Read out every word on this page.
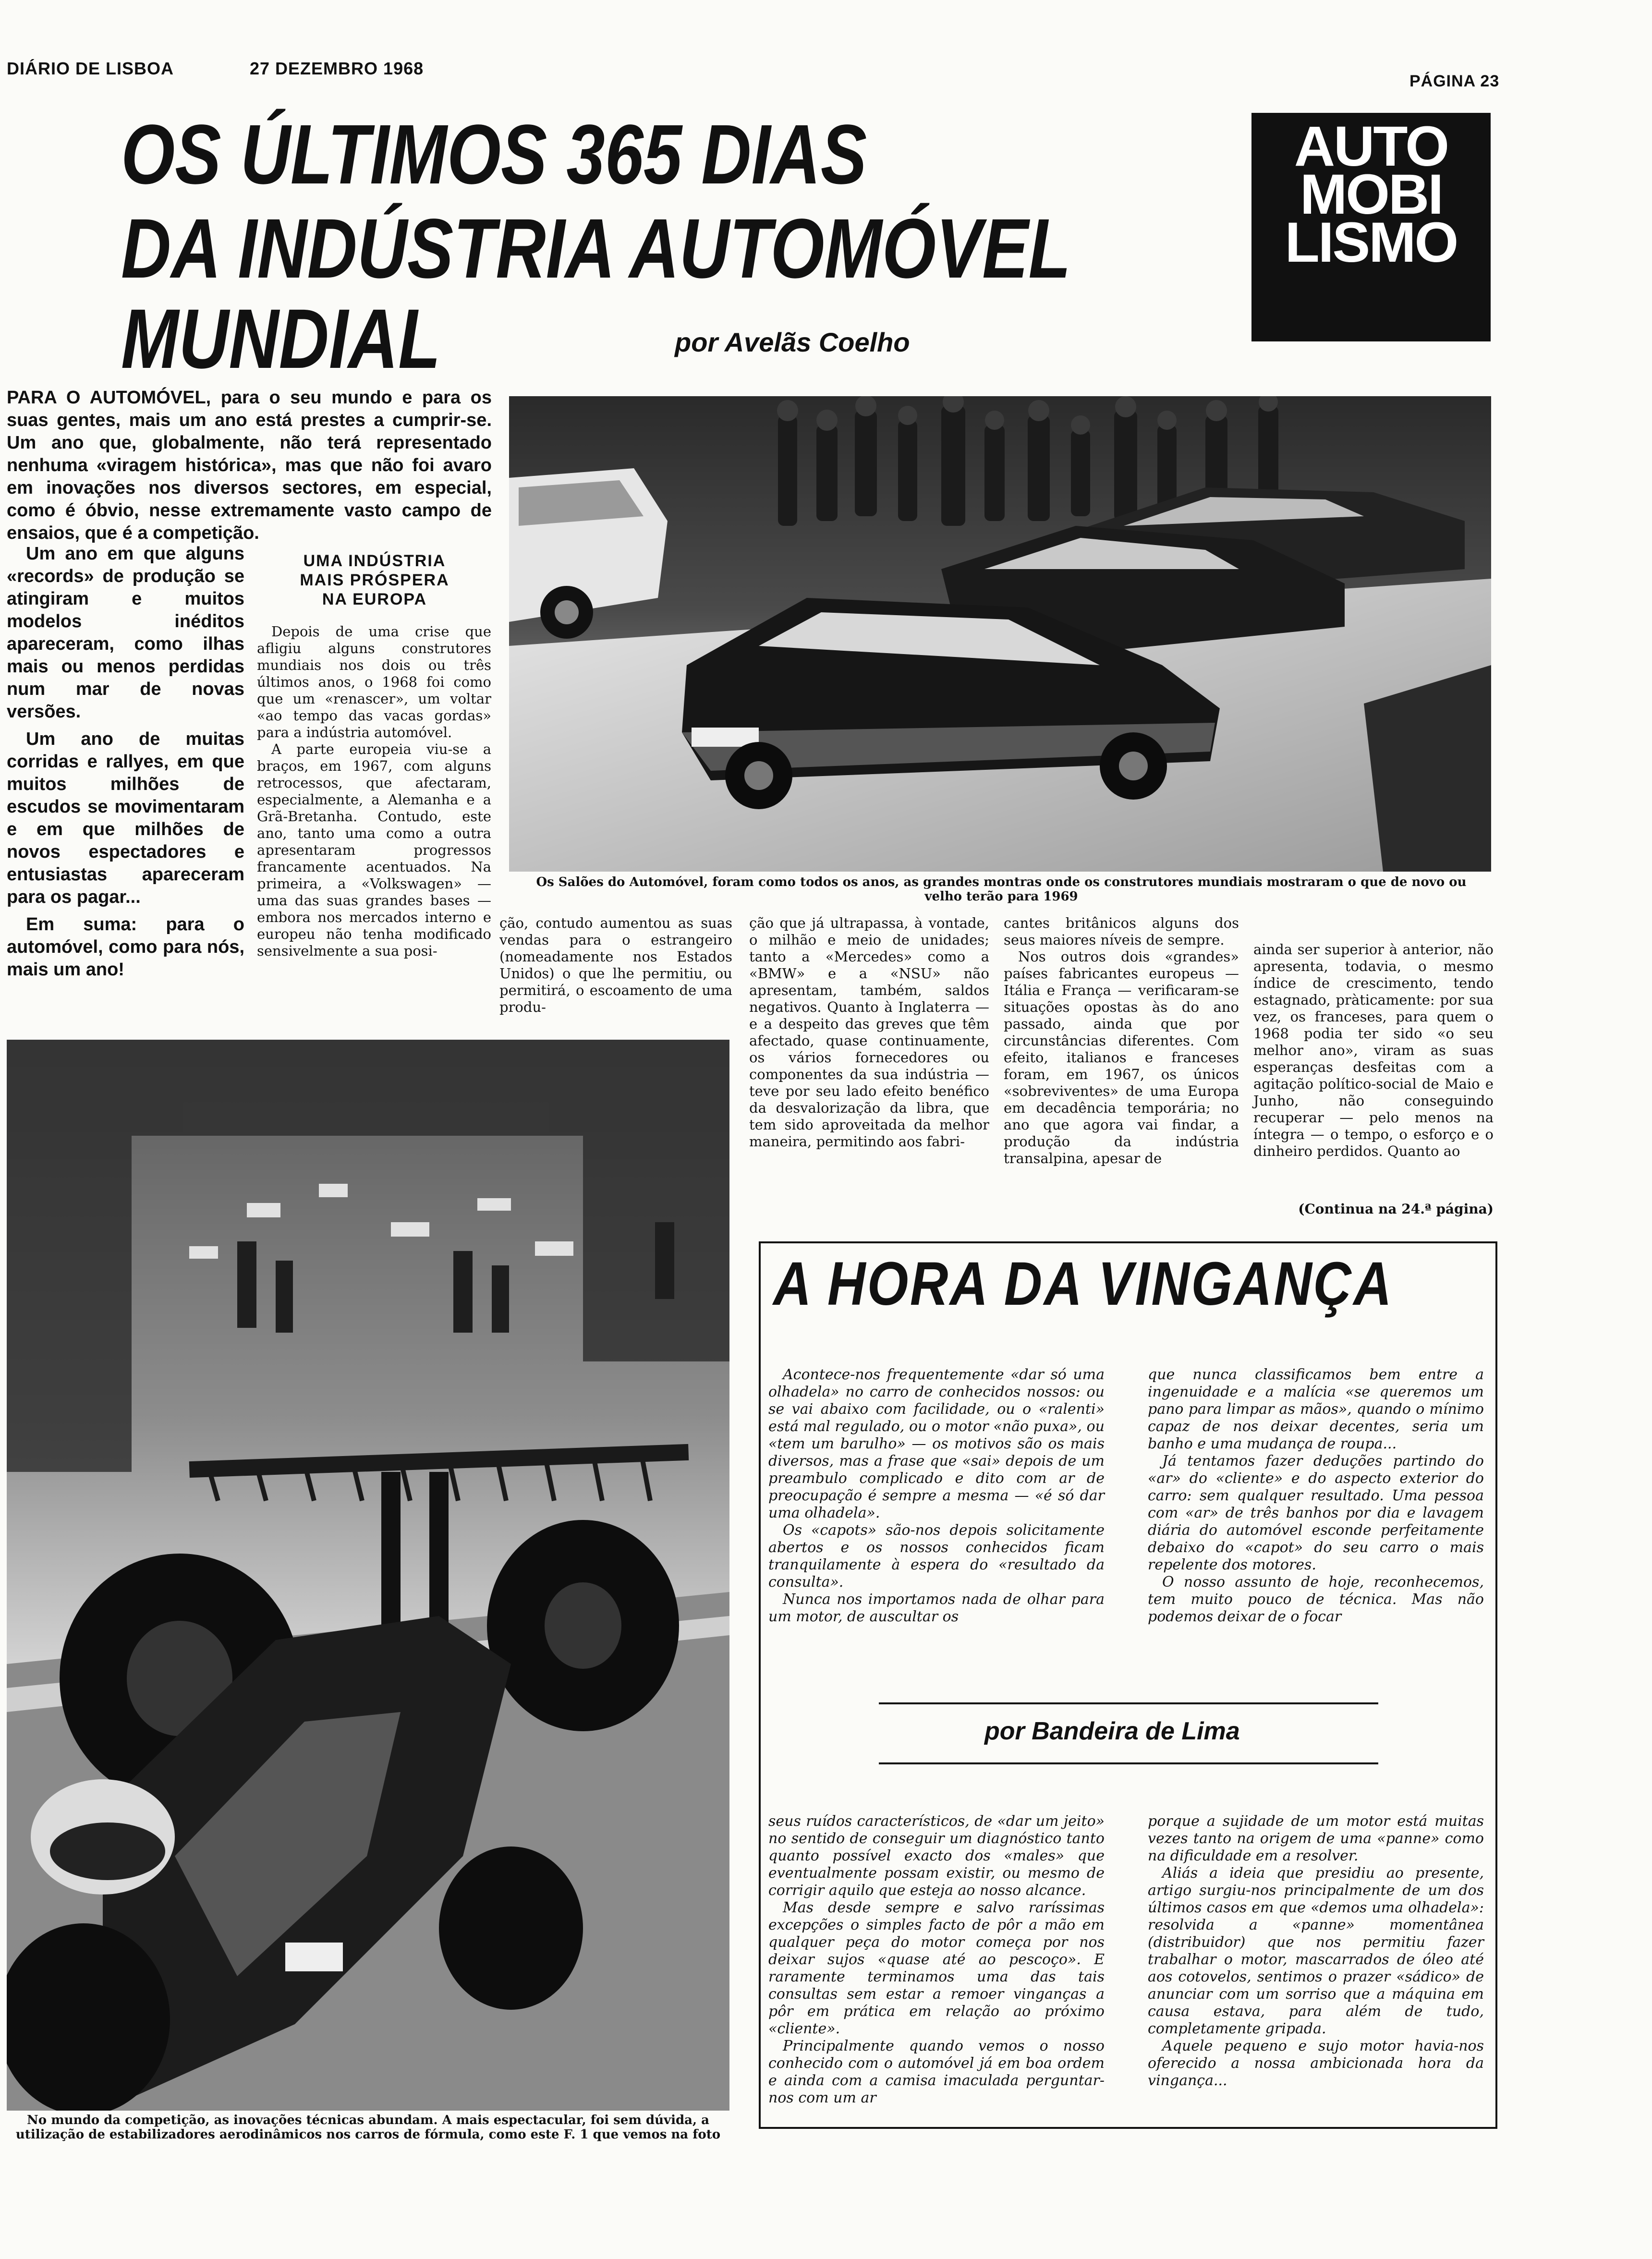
DIÁRIO DE LISBOA	27 DEZEMBRO 1968
PÁGINA 23
OS ÚLTIMOS 365 DIAS
DA INDÚSTRIA AUTOMÓVEL
MUNDIAL	por Avelãs Coelho
AUTO
MOBI
LISMO

PARA O AUTOMÓVEL, para o seu mundo e para os suas gentes, mais um ano está prestes a cumprir-se. Um ano que, globalmente, não terá representado nenhuma «viragem histórica», mas que não foi avaro em inovações nos diversos sectores, em especial, como é óbvio, nesse extremamente vasto campo de ensaios, que é a competição.

Um ano em que alguns «records» de produção se atingiram e muitos modelos inéditos apareceram, como ilhas mais ou menos perdidas num mar de novas versões.

Um ano de muitas corridas e rallyes, em que muitos milhões de escudos se movimentaram e em que milhões de novos espectadores e entusiastas apareceram para os pagar...

Em suma: para o automóvel, como para nós, mais um ano!

UMA INDÚSTRIA
MAIS PRÓSPERA
NA EUROPA

Depois de uma crise que afligiu alguns construtores mundiais nos dois ou três últimos anos, o 1968 foi como que um «renascer», um voltar «ao tempo das vacas gordas» para a indústria automóvel.

A parte europeia viu-se a braços, em 1967, com alguns retrocessos, que afectaram, especialmente, a Alemanha e a Grã-Bretanha. Contudo, este ano, tanto uma como a outra apresentaram progressos francamente acentuados. Na primeira, a «Volkswagen» — uma das suas grandes bases — embora nos mercados interno e europeu não tenha modificado sensivelmente a sua posi-

Os Salões do Automóvel, foram como todos os anos, as grandes montras onde os construtores mundiais mostraram o que de novo ou velho terão para 1969

ção, contudo aumentou as suas vendas para o estrangeiro (nomeadamente nos Estados Unidos) o que lhe permitiu, ou permitirá, o escoamento de uma produ-

ção que já ultrapassa, à vontade, o milhão e meio de unidades; tanto a «Mercedes» como a «BMW» e a «NSU» não apresentam, também, saldos negativos. Quanto à Inglaterra — e a despeito das greves que têm afectado, quase continuamente, os vários fornecedores ou componentes da sua indústria — teve por seu lado efeito benéfico da desvalorização da libra, que tem sido aproveitada da melhor maneira, permitindo aos fabri-

cantes britânicos alguns dos seus maiores níveis de sempre.

Nos outros dois «grandes» países fabricantes europeus — Itália e França — verificaram-se situações opostas às do ano passado, ainda que por circunstâncias diferentes. Com efeito, italianos e franceses foram, em 1967, os únicos «sobreviventes» de uma Europa em decadência temporária; no ano que agora vai findar, a produção da indústria transalpina, apesar de

ainda ser superior à anterior, não apresenta, todavia, o mesmo índice de crescimento, tendo estagnado, pràticamente: por sua vez, os franceses, para quem o 1968 podia ter sido «o seu melhor ano», viram as suas esperanças desfeitas com a agitação político-social de Maio e Junho, não conseguindo recuperar — pelo menos na íntegra — o tempo, o esforço e o dinheiro perdidos. Quanto ao

(Continua na 24.ª página)
No mundo da competição, as inovações técnicas abundam. A mais espectacular, foi sem dúvida, a utilização de estabilizadores aerodinâmicos nos carros de fórmula, como este F. 1 que vemos na foto
A HORA DA VINGANÇA

Acontece-nos frequentemente «dar só uma olhadela» no carro de conhecidos nossos: ou se vai abaixo com facilidade, ou o «ralenti» está mal regulado, ou o motor «não puxa», ou «tem um barulho» — os motivos são os mais diversos, mas a frase que «sai» depois de um preambulo complicado e dito com ar de preocupação é sempre a mesma — «é só dar uma olhadela».

Os «capots» são-nos depois solicitamente abertos e os nossos conhecidos ficam tranquilamente à espera do «resultado da consulta».

Nunca nos importamos nada de olhar para um motor, de auscultar os

que nunca classificamos bem entre a ingenuidade e a malícia «se queremos um pano para limpar as mãos», quando o mínimo capaz de nos deixar decentes, seria um banho e uma mudança de roupa...

Já tentamos fazer deduções partindo do «ar» do «cliente» e do aspecto exterior do carro: sem qualquer resultado. Uma pessoa com «ar» de três banhos por dia e lavagem diária do automóvel esconde perfeitamente debaixo do «capot» do seu carro o mais repelente dos motores.

O nosso assunto de hoje, reconhecemos, tem muito pouco de técnica. Mas não podemos deixar de o focar

por Bandeira de Lima

seus ruídos característicos, de «dar um jeito» no sentido de conseguir um diagnóstico tanto quanto possível exacto dos «males» que eventualmente possam existir, ou mesmo de corrigir aquilo que esteja ao nosso alcance.

Mas desde sempre e salvo raríssimas excepções o simples facto de pôr a mão em qualquer peça do motor começa por nos deixar sujos «quase até ao pescoço». E raramente terminamos uma das tais consultas sem estar a remoer vinganças a pôr em prática em relação ao próximo «cliente».

Principalmente quando vemos o nosso conhecido com o automóvel já em boa ordem e ainda com a camisa imaculada perguntar-nos com um ar

porque a sujidade de um motor está muitas vezes tanto na origem de uma «panne» como na dificuldade em a resolver.

Aliás a ideia que presidiu ao presente, artigo surgiu-nos principalmente de um dos últimos casos em que «demos uma olhadela»: resolvida a «panne» momentânea (distribuidor) que nos permitiu fazer trabalhar o motor, mascarrados de óleo até aos cotovelos, sentimos o prazer «sádico» de anunciar com um sorriso que a máquina em causa estava, para além de tudo, completamente gripada.

Aquele pequeno e sujo motor havia-nos oferecido a nossa ambicionada hora da vingança...
